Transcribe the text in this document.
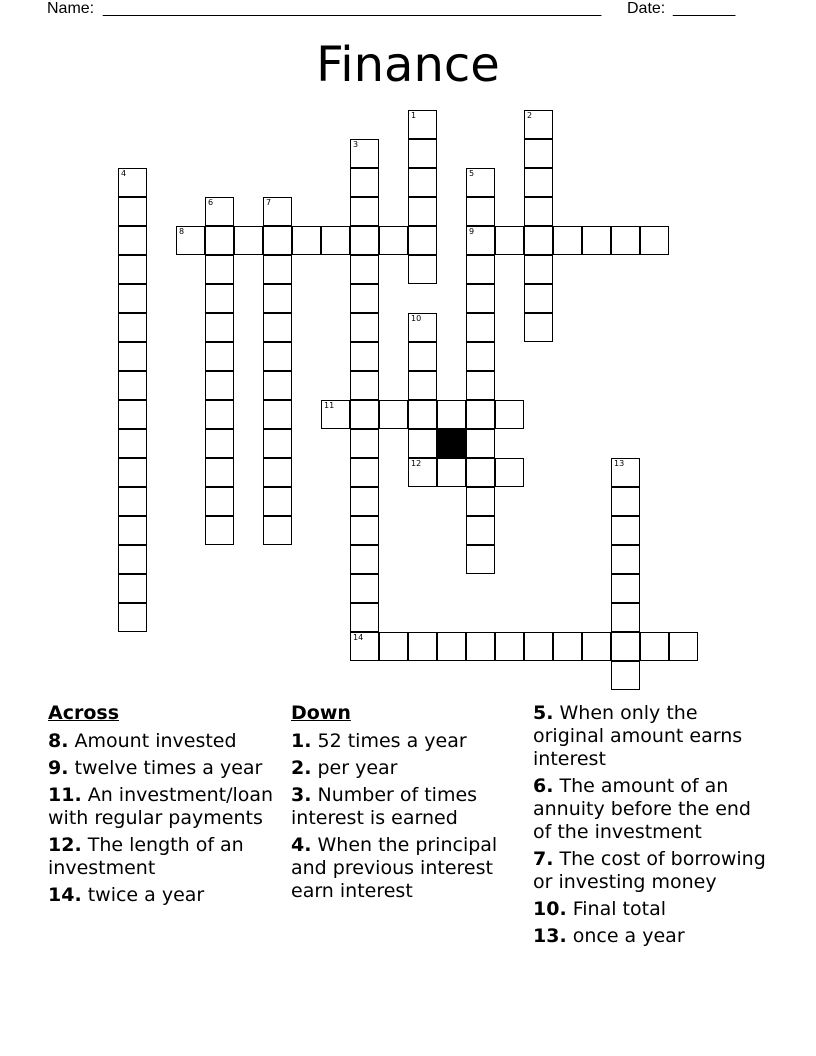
Name: ________________________________________________________ Date: _______
Finance
1	2
3
14
4	5
9
6	7
8
10
12
11
13
Across
8. Amount invested
9. twelve times a year
11. An investment/loan with regular payments
12. The length of an investment
14. twice a year
Down
1. 52 times a year
2. per year
3. Number of times interest is earned
4. When the principal and previous interest earn interest
5. When only the original amount earns interest
6. The amount of an annuity before the end of the investment
7. The cost of borrowing or investing money
10. Final total
13. once a year
